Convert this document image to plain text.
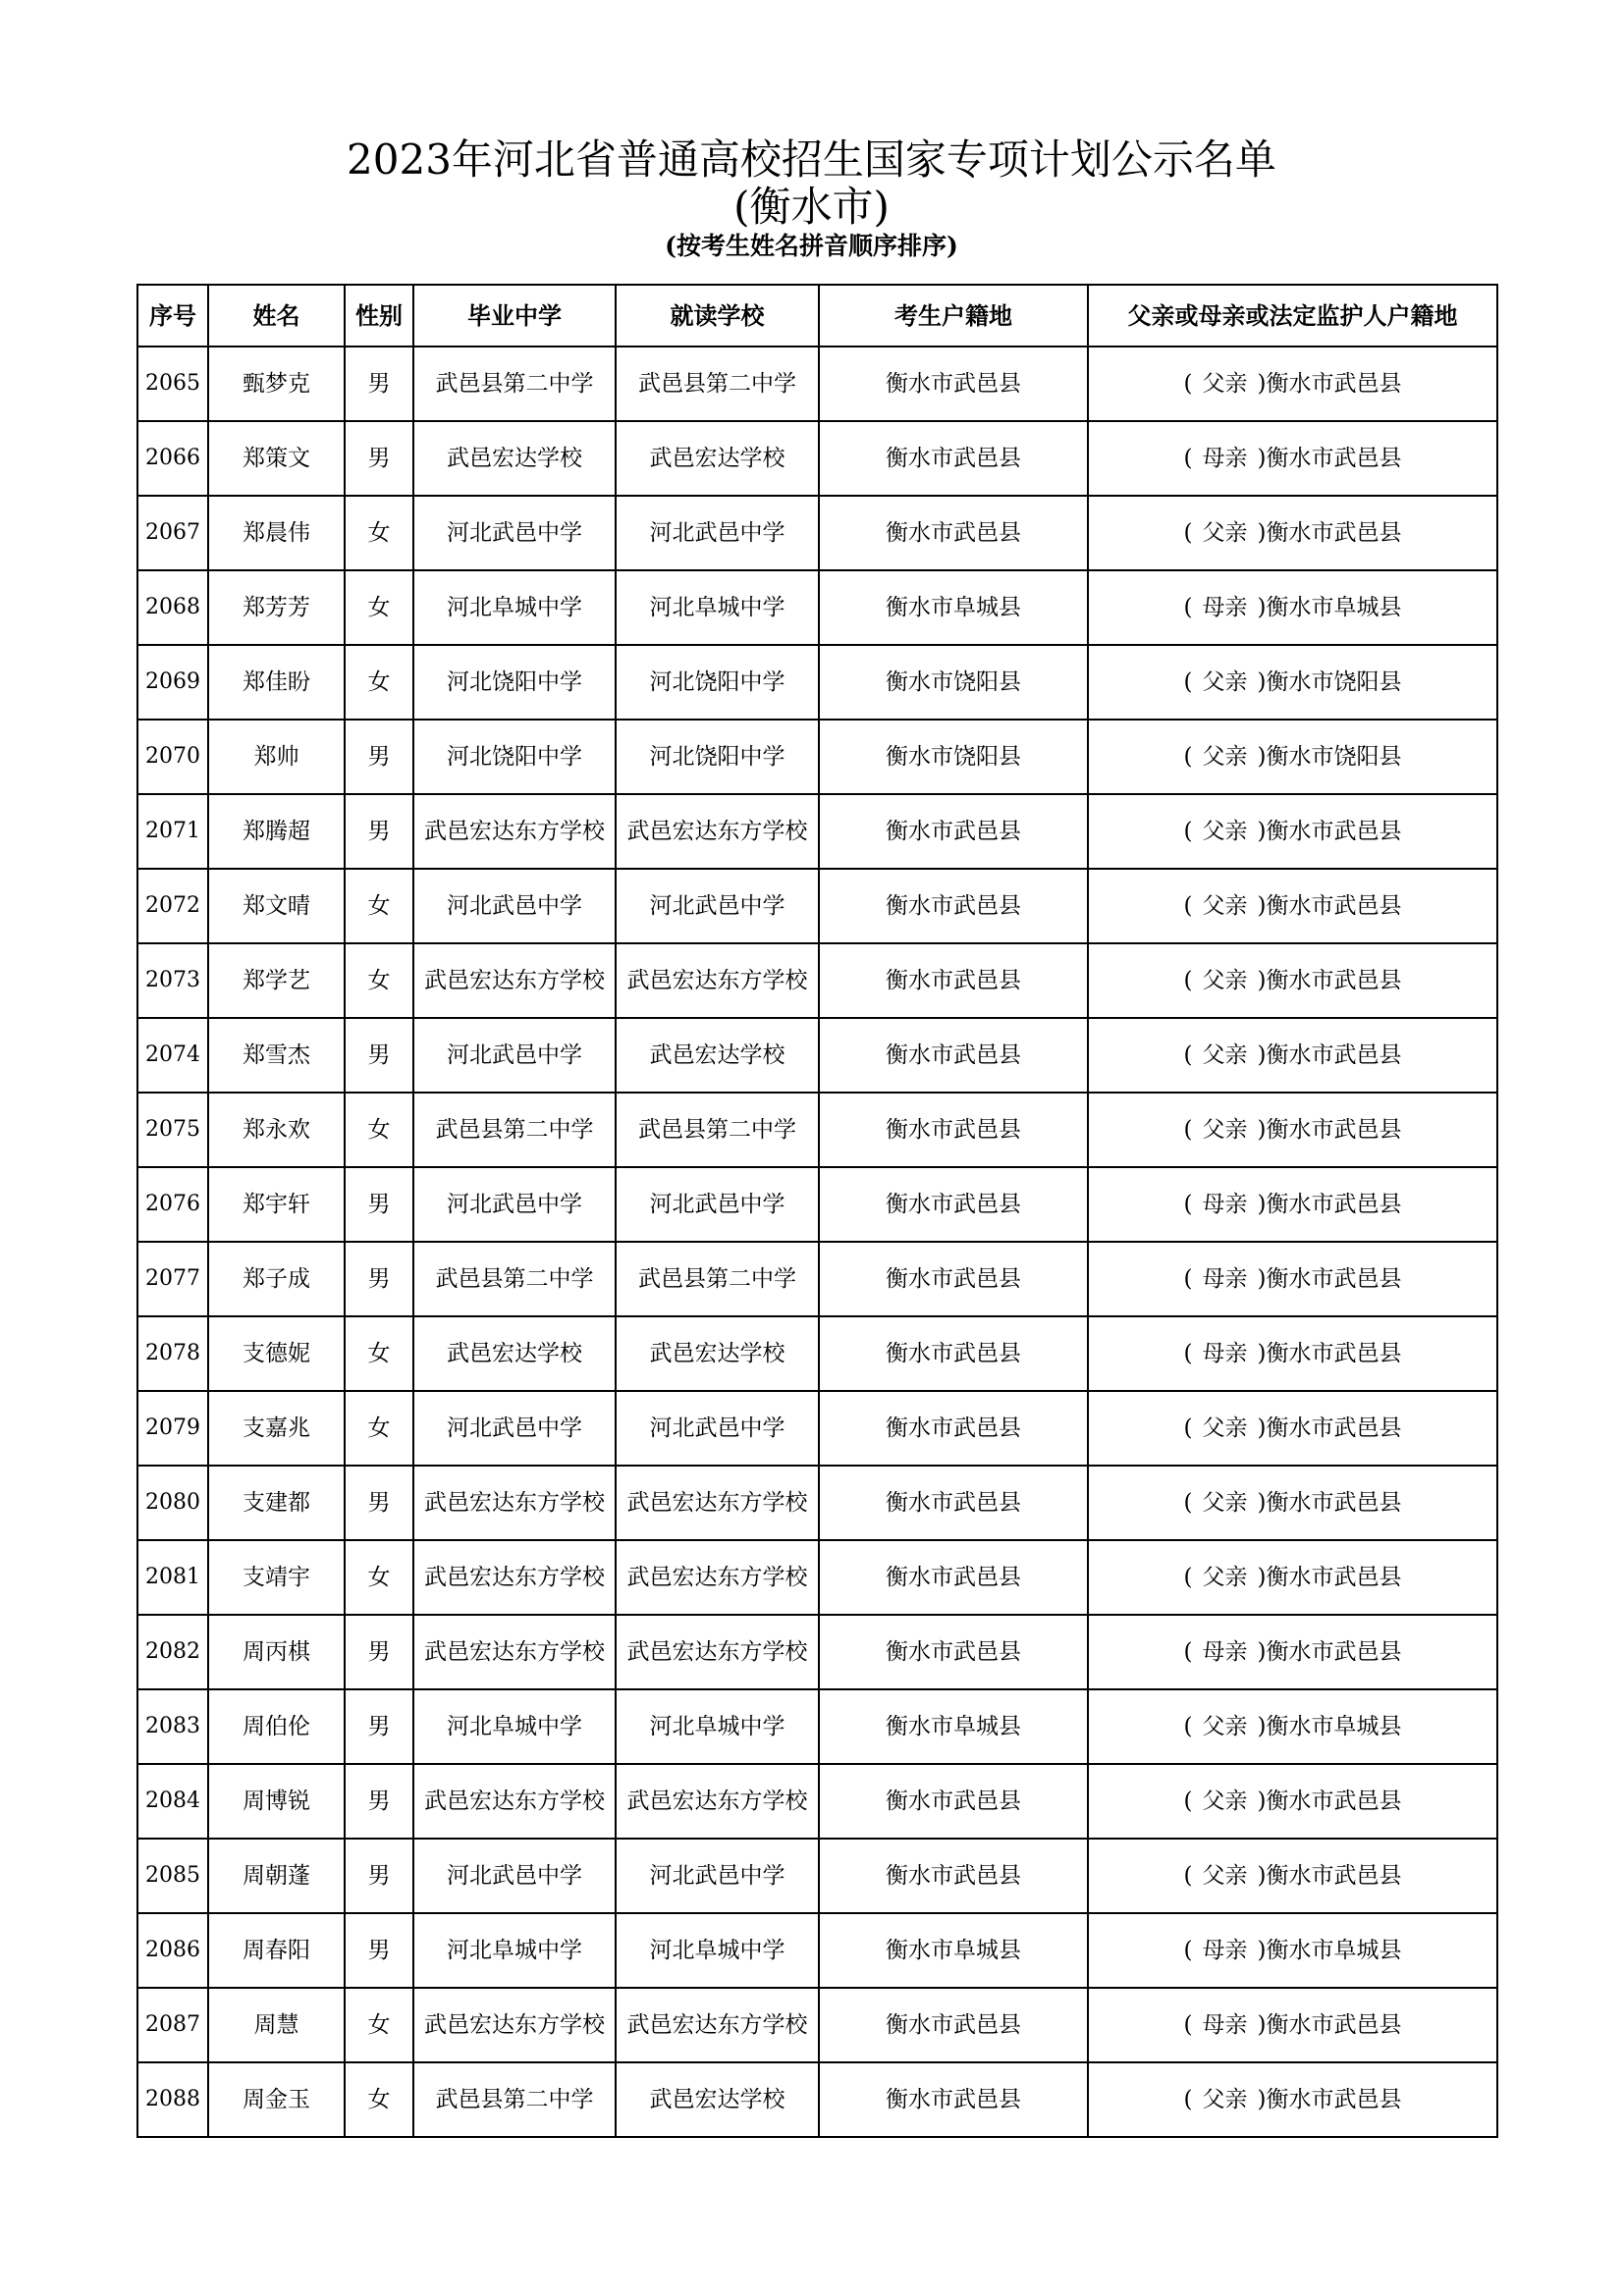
2023年河北省普通高校招生国家专项计划公示名单
(衡水市)
(按考生姓名拼音顺序排序)
序号	姓名	性别	毕业中学	就读学校	考生户籍地	父亲或母亲或法定监护人户籍地
2065	甄梦克	男	武邑县第二中学	武邑县第二中学	衡水市武邑县	( 父亲 )衡水市武邑县
2066	郑策文	男	武邑宏达学校	武邑宏达学校	衡水市武邑县	( 母亲 )衡水市武邑县
2067	郑晨伟	女	河北武邑中学	河北武邑中学	衡水市武邑县	( 父亲 )衡水市武邑县
2068	郑芳芳	女	河北阜城中学	河北阜城中学	衡水市阜城县	( 母亲 )衡水市阜城县
2069	郑佳盼	女	河北饶阳中学	河北饶阳中学	衡水市饶阳县	( 父亲 )衡水市饶阳县
2070	郑帅	男	河北饶阳中学	河北饶阳中学	衡水市饶阳县	( 父亲 )衡水市饶阳县
2071	郑腾超	男	武邑宏达东方学校	武邑宏达东方学校	衡水市武邑县	( 父亲 )衡水市武邑县
2072	郑文晴	女	河北武邑中学	河北武邑中学	衡水市武邑县	( 父亲 )衡水市武邑县
2073	郑学艺	女	武邑宏达东方学校	武邑宏达东方学校	衡水市武邑县	( 父亲 )衡水市武邑县
2074	郑雪杰	男	河北武邑中学	武邑宏达学校	衡水市武邑县	( 父亲 )衡水市武邑县
2075	郑永欢	女	武邑县第二中学	武邑县第二中学	衡水市武邑县	( 父亲 )衡水市武邑县
2076	郑宇轩	男	河北武邑中学	河北武邑中学	衡水市武邑县	( 母亲 )衡水市武邑县
2077	郑子成	男	武邑县第二中学	武邑县第二中学	衡水市武邑县	( 母亲 )衡水市武邑县
2078	支德妮	女	武邑宏达学校	武邑宏达学校	衡水市武邑县	( 母亲 )衡水市武邑县
2079	支嘉兆	女	河北武邑中学	河北武邑中学	衡水市武邑县	( 父亲 )衡水市武邑县
2080	支建都	男	武邑宏达东方学校	武邑宏达东方学校	衡水市武邑县	( 父亲 )衡水市武邑县
2081	支靖宇	女	武邑宏达东方学校	武邑宏达东方学校	衡水市武邑县	( 父亲 )衡水市武邑县
2082	周丙棋	男	武邑宏达东方学校	武邑宏达东方学校	衡水市武邑县	( 母亲 )衡水市武邑县
2083	周伯伦	男	河北阜城中学	河北阜城中学	衡水市阜城县	( 父亲 )衡水市阜城县
2084	周博锐	男	武邑宏达东方学校	武邑宏达东方学校	衡水市武邑县	( 父亲 )衡水市武邑县
2085	周朝蓬	男	河北武邑中学	河北武邑中学	衡水市武邑县	( 父亲 )衡水市武邑县
2086	周春阳	男	河北阜城中学	河北阜城中学	衡水市阜城县	( 母亲 )衡水市阜城县
2087	周慧	女	武邑宏达东方学校	武邑宏达东方学校	衡水市武邑县	( 母亲 )衡水市武邑县
2088	周金玉	女	武邑县第二中学	武邑宏达学校	衡水市武邑县	( 父亲 )衡水市武邑县
